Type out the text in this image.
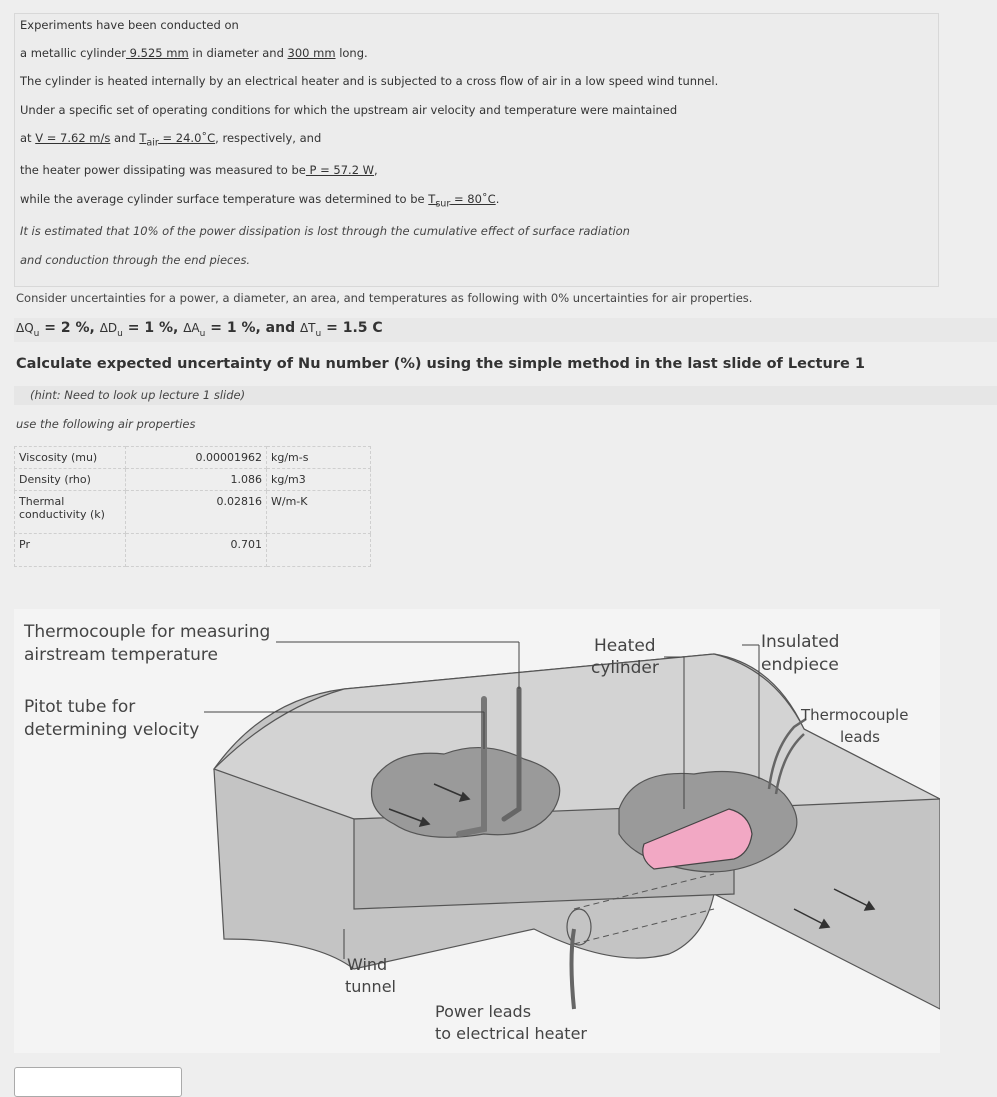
Experiments have been conducted on
a metallic cylinder 9.525 mm in diameter and 300 mm long.
The cylinder is heated internally by an electrical heater and is subjected to a cross flow of air in a low speed wind tunnel.
Under a specific set of operating conditions for which the upstream air velocity and temperature were maintained
at V = 7.62 m/s and $T_{air}$ = 24.0˚C, respectively, and
the heater power dissipating was measured to be P = 57.2 W,
while the average cylinder surface temperature was determined to be $T_{sur}$ = 80˚C.
It is estimated that 10% of the power dissipation is lost through the cumulative effect of surface radiation
and conduction through the end pieces.
Consider uncertainties for a power, a diameter, an area, and temperatures as following with 0% uncertainties for air properties.
$\Delta Q_u = 2$ %, $\Delta D_u = 1$ %, $\Delta A_u = 1$ %, and $\Delta T_u = 1.5$ C
Calculate expected uncertainty of Nu number (%) using the simple method in the last slide of Lecture 1
(hint: Need to look up lecture 1 slide)
use the following air properties
Viscosity (mu)	0.00001962	kg/m-s
Density (rho)	1.086	kg/m3
Thermal conductivity (k)	0.02816	W/m-K
Pr	0.701	
Thermocouple for measuring
airstream temperature
Pitot tube for
determining velocity
Heated
cylinder
Insulated
endpiece
Thermocouple
leads
Wind
tunnel
Power leads
to electrical heater
